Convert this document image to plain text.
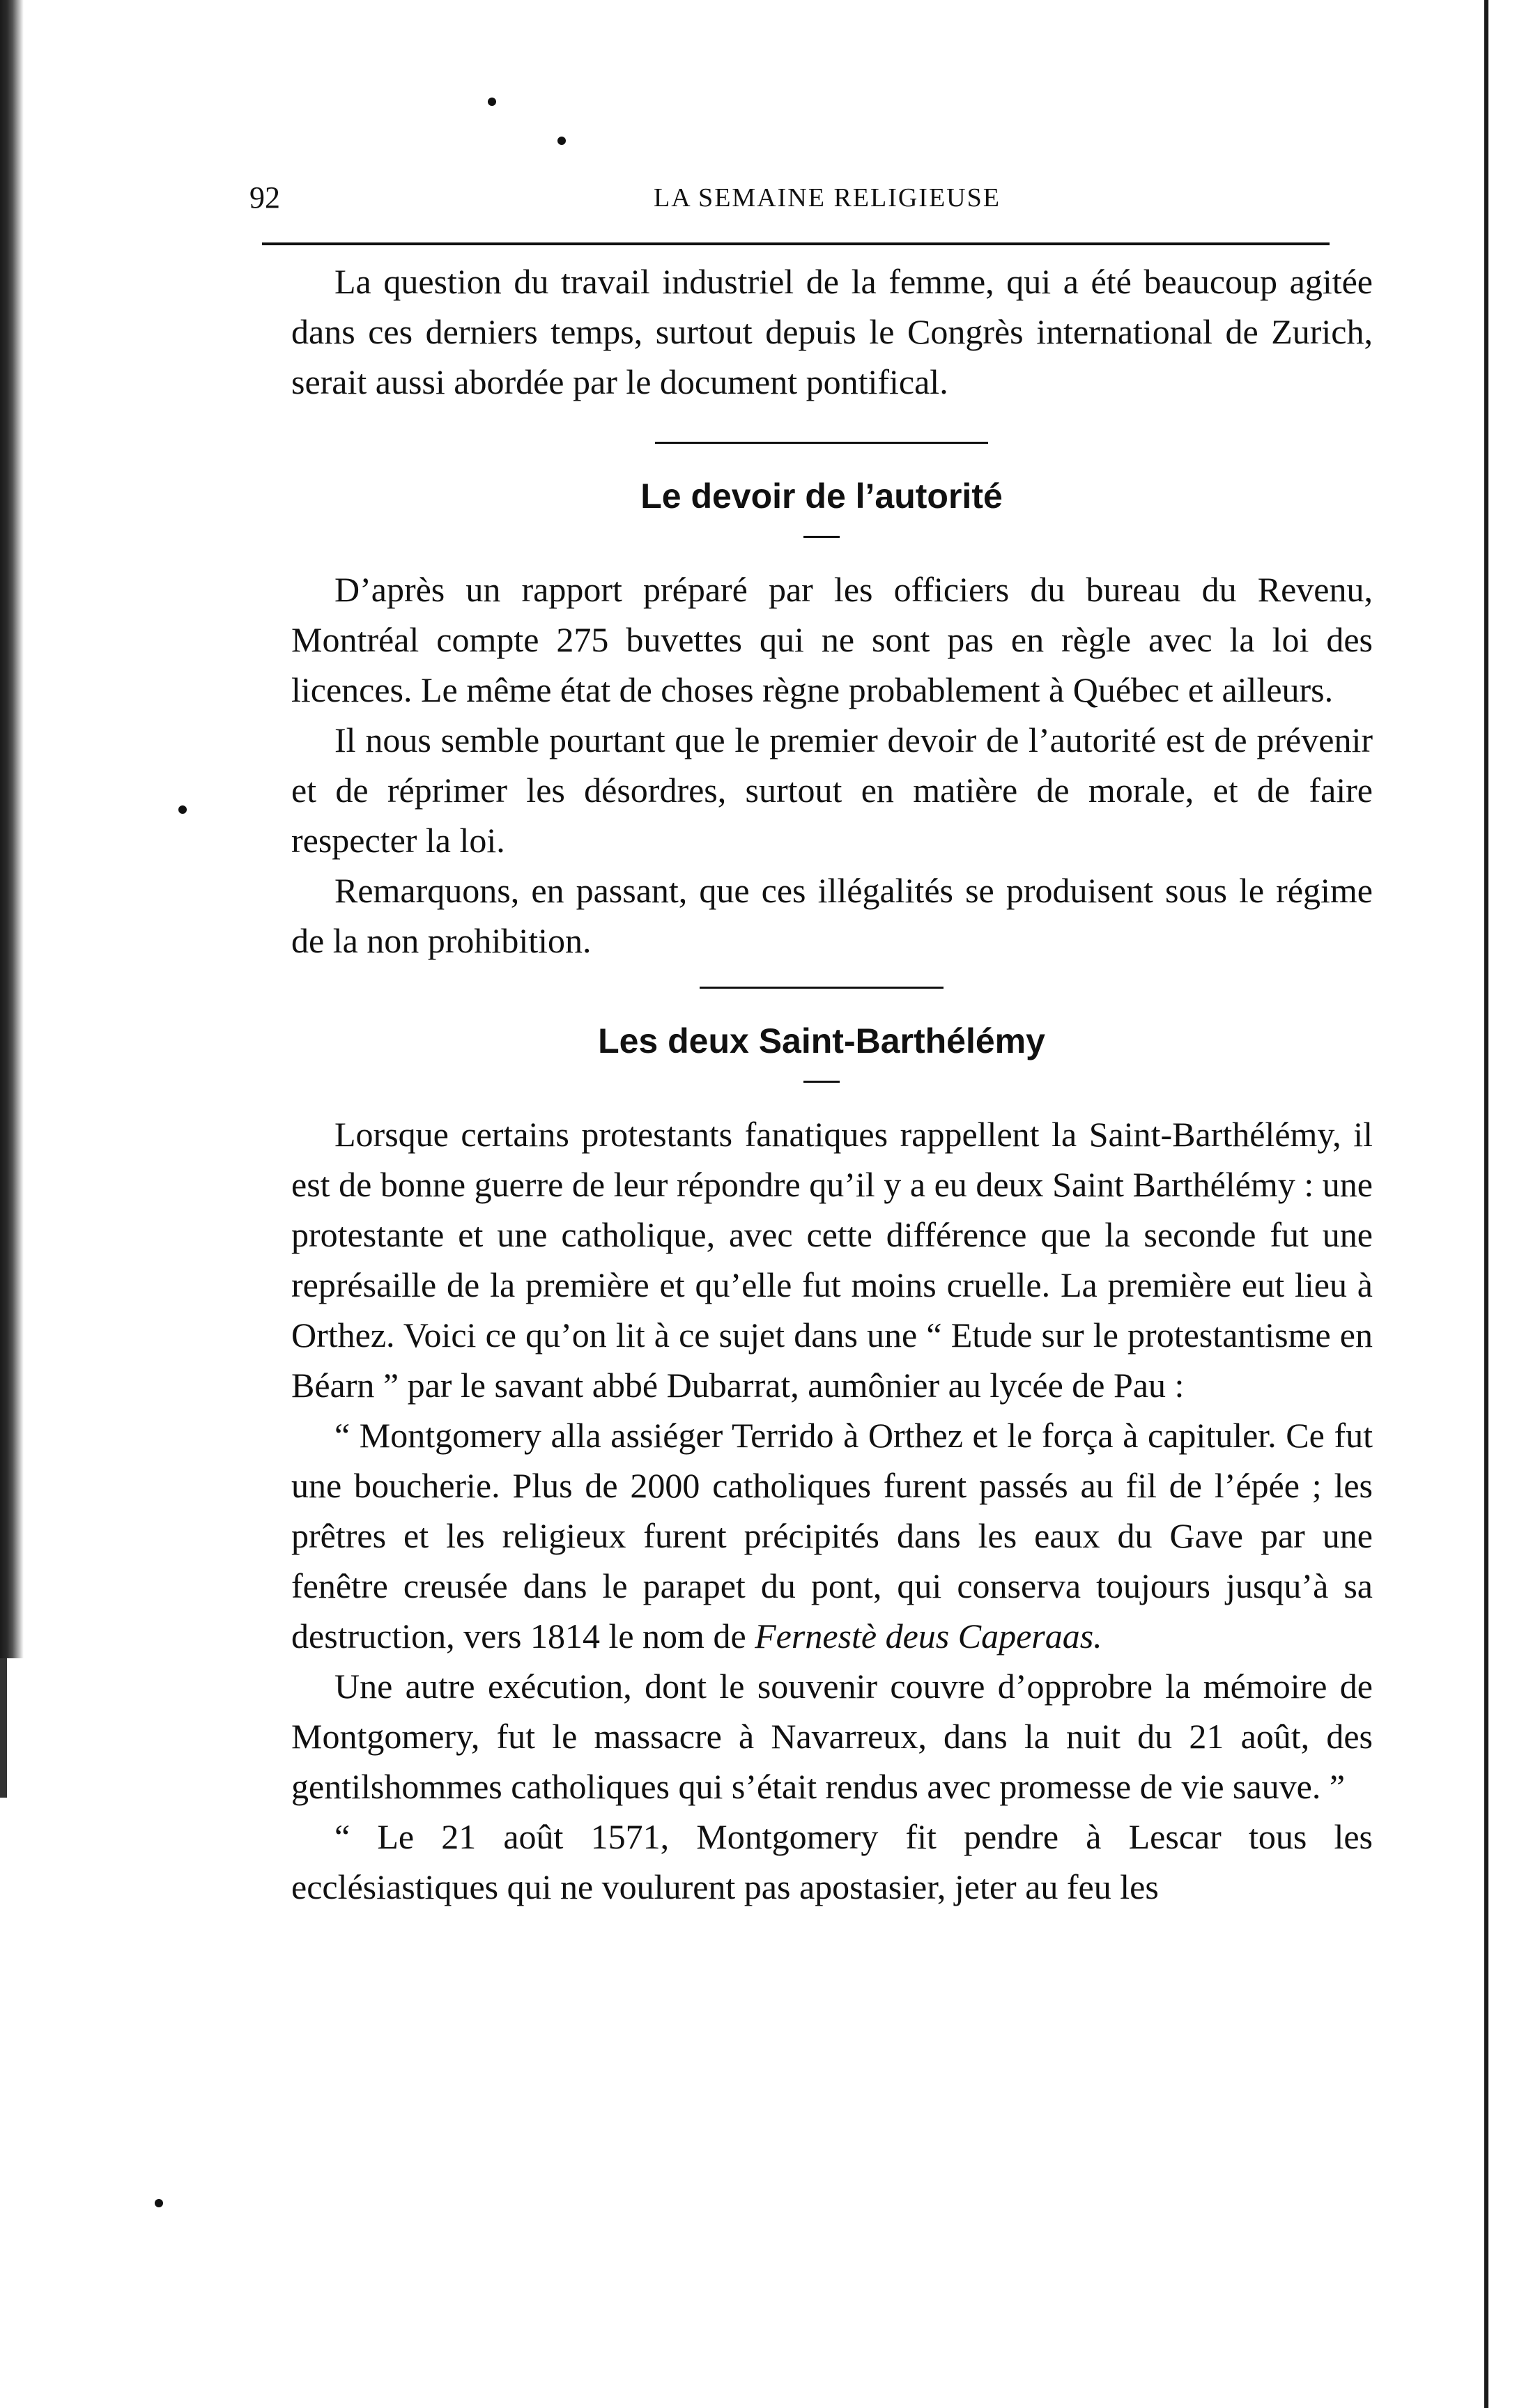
92	LA SEMAINE RELIGIEUSE

La question du travail industriel de la femme, qui a été beaucoup agitée dans ces derniers temps, surtout depuis le Congrès international de Zurich, serait aussi abordée par le document pontifical.

Le devoir de l’autorité

D’après un rapport préparé par les officiers du bureau du Revenu, Montréal compte 275 buvettes qui ne sont pas en règle avec la loi des licences. Le même état de choses règne probablement à Québec et ailleurs.

Il nous semble pourtant que le premier devoir de l’autorité est de prévenir et de réprimer les désordres, surtout en matière de morale, et de faire respecter la loi.

Remarquons, en passant, que ces illégalités se produisent sous le régime de la non prohibition.

Les deux Saint-Barthélémy

Lorsque certains protestants fanatiques rappellent la Saint-Barthélémy, il est de bonne guerre de leur répondre qu’il y a eu deux Saint Barthélémy : une protestante et une catholique, avec cette différence que la seconde fut une représaille de la première et qu’elle fut moins cruelle. La première eut lieu à Orthez. Voici ce qu’on lit à ce sujet dans une “ Etude sur le protestantisme en Béarn ” par le savant abbé Dubarrat, aumônier au lycée de Pau :

“ Montgomery alla assiéger Terrido à Orthez et le força à capituler. Ce fut une boucherie. Plus de 2000 catholiques furent passés au fil de l’épée ; les prêtres et les religieux furent précipités dans les eaux du Gave par une fenêtre creusée dans le parapet du pont, qui conserva toujours jusqu’à sa destruction, vers 1814 le nom de Fernestè deus Caperaas.

Une autre exécution, dont le souvenir couvre d’opprobre la mémoire de Montgomery, fut le massacre à Navarreux, dans la nuit du 21 août, des gentilshommes catholiques qui s’était rendus avec promesse de vie sauve. ”

“ Le 21 août 1571, Montgomery fit pendre à Lescar tous les ecclésiastiques qui ne voulurent pas apostasier, jeter au feu les
